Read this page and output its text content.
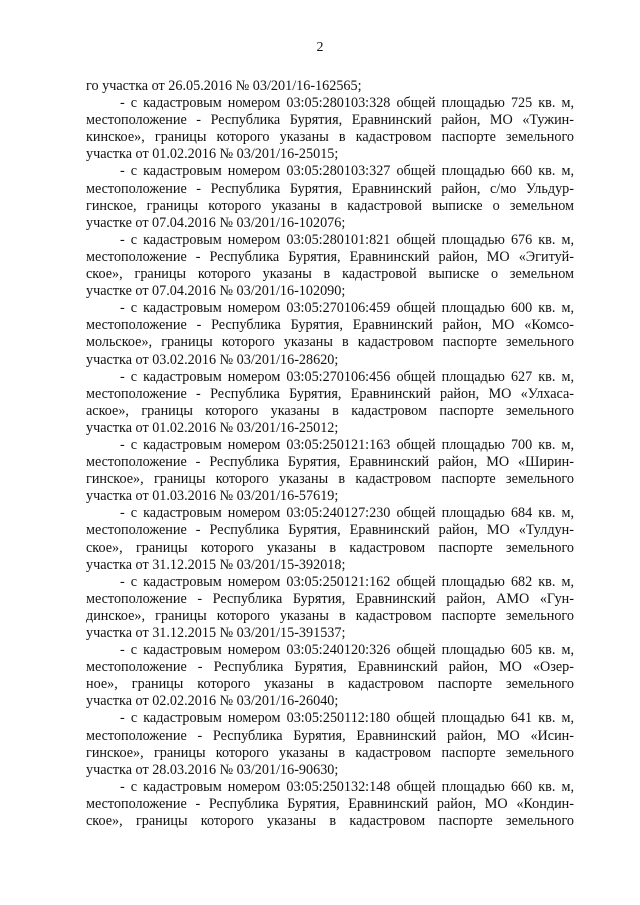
2
го участка от 26.05.2016 № 03/201/16-162565;
- с кадастровым номером 03:05:280103:328 общей площадью 725 кв. м,
местоположение - Республика Бурятия, Еравнинский район, МО «Тужин-
кинское», границы которого указаны в кадастровом паспорте земельного
участка от 01.02.2016 № 03/201/16-25015;
- с кадастровым номером 03:05:280103:327 общей площадью 660 кв. м,
местоположение - Республика Бурятия, Еравнинский район, с/мо Ульдур-
гинское, границы которого указаны в кадастровой выписке о земельном
участке от 07.04.2016 № 03/201/16-102076;
- с кадастровым номером 03:05:280101:821 общей площадью 676 кв. м,
местоположение - Республика Бурятия, Еравнинский район, МО «Эгитуй-
ское», границы которого указаны в кадастровой выписке о земельном
участке от 07.04.2016 № 03/201/16-102090;
- с кадастровым номером 03:05:270106:459 общей площадью 600 кв. м,
местоположение - Республика Бурятия, Еравнинский район, МО «Комсо-
мольское», границы которого указаны в кадастровом паспорте земельного
участка от 03.02.2016 № 03/201/16-28620;
- с кадастровым номером 03:05:270106:456 общей площадью 627 кв. м,
местоположение - Республика Бурятия, Еравнинский район, МО «Улхаса-
аское», границы которого указаны в кадастровом паспорте земельного
участка от 01.02.2016 № 03/201/16-25012;
- с кадастровым номером 03:05:250121:163 общей площадью 700 кв. м,
местоположение - Республика Бурятия, Еравнинский район, МО «Ширин-
гинское», границы которого указаны в кадастровом паспорте земельного
участка от 01.03.2016 № 03/201/16-57619;
- с кадастровым номером 03:05:240127:230 общей площадью 684 кв. м,
местоположение - Республика Бурятия, Еравнинский район, МО «Тулдун-
ское», границы которого указаны в кадастровом паспорте земельного
участка от 31.12.2015 № 03/201/15-392018;
- с кадастровым номером 03:05:250121:162 общей площадью 682 кв. м,
местоположение - Республика Бурятия, Еравнинский район, АМО «Гун-
динское», границы которого указаны в кадастровом паспорте земельного
участка от 31.12.2015 № 03/201/15-391537;
- с кадастровым номером 03:05:240120:326 общей площадью 605 кв. м,
местоположение - Республика Бурятия, Еравнинский район, МО «Озер-
ное», границы которого указаны в кадастровом паспорте земельного
участка от 02.02.2016 № 03/201/16-26040;
- с кадастровым номером 03:05:250112:180 общей площадью 641 кв. м,
местоположение - Республика Бурятия, Еравнинский район, МО «Исин-
гинское», границы которого указаны в кадастровом паспорте земельного
участка от 28.03.2016 № 03/201/16-90630;
- с кадастровым номером 03:05:250132:148 общей площадью 660 кв. м,
местоположение - Республика Бурятия, Еравнинский район, МО «Кондин-
ское», границы которого указаны в кадастровом паспорте земельного
